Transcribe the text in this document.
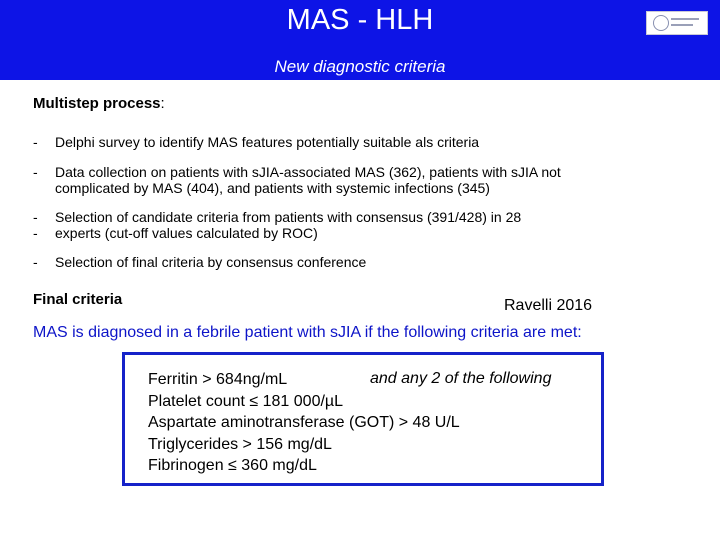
MAS - HLH
New diagnostic criteria
Multistep process:
- Delphi survey to identify MAS features potentially suitable als criteria
- Data collection on patients with sJIA-associated MAS (362), patients with sJIA not
complicated by MAS (404), and patients with systemic infections (345)
-
-
Selection of candidate criteria from patients with consensus (391/428) in 28
experts (cut-off values calculated by ROC)
- Selection of final criteria by consensus conference
Final criteria	Ravelli 2016
MAS is diagnosed in a febrile patient with sJIA if the following criteria are met:
Ferritin > 684ng/mL	and any 2 of the following
Platelet count ≤ 181 000/µL
Aspartate aminotransferase (GOT) > 48 U/L
Triglycerides > 156 mg/dL
Fibrinogen ≤ 360 mg/dL
